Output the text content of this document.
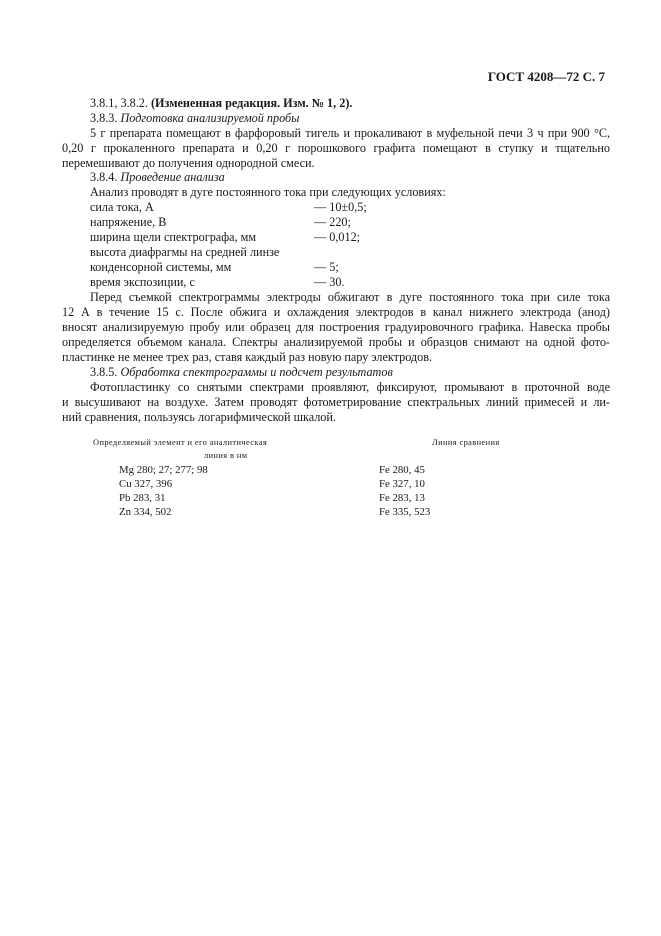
ГОСТ 4208—72 С. 7
3.8.1, 3.8.2. (Измененная редакция. Изм. № 1, 2).
3.8.3. Подготовка анализируемой пробы
5 г препарата помещают в фарфоровый тигель и прокаливают в муфельной печи 3 ч при 900 °С,
0,20 г прокаленного препарата и 0,20 г порошкового графита помещают в ступку и тщательно
перемешивают до получения однородной смеси.
3.8.4. Проведение анализа
Анализ проводят в дуге постоянного тока при следующих условиях:
сила тока, А	— 10±0,5;
напряжение, В	— 220;
ширина щели спектрографа, мм	— 0,012;
высота диафрагмы на средней линзе
конденсорной системы, мм	— 5;
время экспозиции, с	— 30.
Перед съемкой спектрограммы электроды обжигают в дуге постоянного тока при силе тока
12 А в течение 15 с. После обжига и охлаждения электродов в канал нижнего электрода (анод)
вносят анализируемую пробу или образец для построения градуировочного графика. Навеска пробы
определяется объемом канала. Спектры анализируемой пробы и образцов снимают на одной фото-
пластинке не менее трех раз, ставя каждый раз новую пару электродов.
3.8.5. Обработка спектрограммы и подсчет результатов
Фотопластинку со снятыми спектрами проявляют, фиксируют, промывают в проточной воде
и высушивают на воздухе. Затем проводят фотометрирование спектральных линий примесей и ли-
ний сравнения, пользуясь логарифмической шкалой.
Определяемый элемент и его аналитическая
линия в нм
Линия сравнения
Mg 280; 27; 277; 98	Fe 280, 45
Cu 327, 396	Fe 327, 10
Pb 283, 31	Fe 283, 13
Zn 334, 502	Fe 335, 523
